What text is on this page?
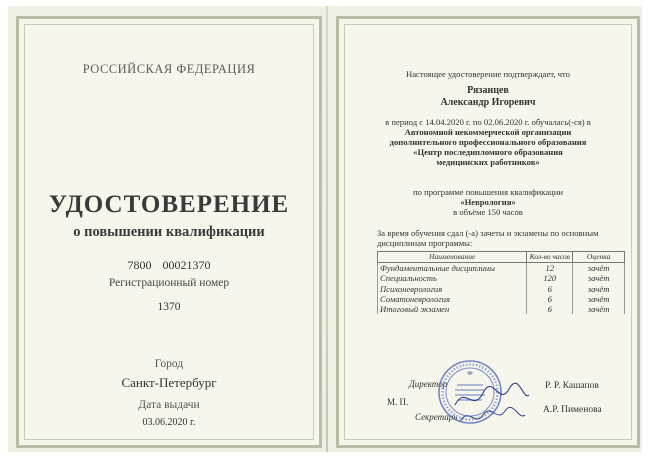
РОССИЙСКАЯ ФЕДЕРАЦИЯ
УДОСТОВЕРЕНИЕ
о повышении квалификации
7800 00021370
Регистрационный номер
1370
Город
Санкт-Петербург
Дата выдачи
03.06.2020 г.
Настоящее удостоверение подтверждает, что
Рязанцев
Александр Игоревич
в период с 14.04.2020 г. по 02.06.2020 г. обучалась(-ся) в
Автономной некоммерческой организации
дополнительного профессионального образования
«Центр последипломного образования
медицинских работников»
по программе повышения квалификации
«Неврология»
в объёме 150 часов
За время обучения сдал (-а) зачеты и экзамены по основным
дисциплинам программы:
Наименование	Кол-во часов	Оценка
Фундаментальные дисциплины	12	зачёт
Специальность	120	зачёт
Психоневрология	6	зачёт
Соматоневрология	6	зачёт
Итоговый экзамен	6	зачёт
Директор
М. П.
Секретарь
Р. Р. Кашапов
А.Р. Пименова
